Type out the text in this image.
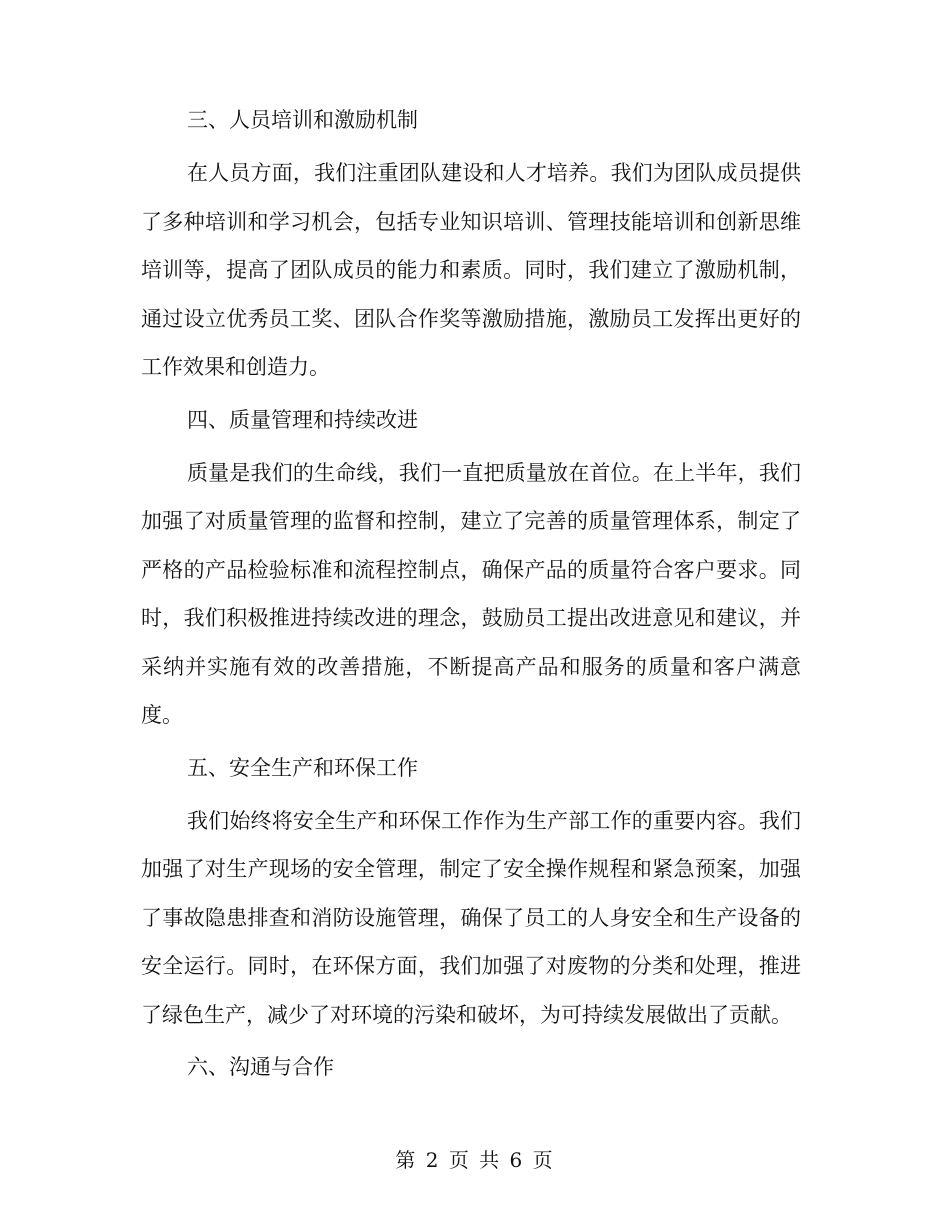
三、人员培训和激励机制
在人员方面，我们注重团队建设和人才培养。我们为团队成员提供了多种培训和学习机会，包括专业知识培训、管理技能培训和创新思维培训等，提高了团队成员的能力和素质。同时，我们建立了激励机制，通过设立优秀员工奖、团队合作奖等激励措施，激励员工发挥出更好的工作效果和创造力。
四、质量管理和持续改进
质量是我们的生命线，我们一直把质量放在首位。在上半年，我们加强了对质量管理的监督和控制，建立了完善的质量管理体系，制定了严格的产品检验标准和流程控制点，确保产品的质量符合客户要求。同时，我们积极推进持续改进的理念，鼓励员工提出改进意见和建议，并采纳并实施有效的改善措施，不断提高产品和服务的质量和客户满意度。
五、安全生产和环保工作
我们始终将安全生产和环保工作作为生产部工作的重要内容。我们加强了对生产现场的安全管理，制定了安全操作规程和紧急预案，加强了事故隐患排查和消防设施管理，确保了员工的人身安全和生产设备的安全运行。同时，在环保方面，我们加强了对废物的分类和处理，推进了绿色生产，减少了对环境的污染和破坏，为可持续发展做出了贡献。
六、沟通与合作
第 2 页 共 6 页
